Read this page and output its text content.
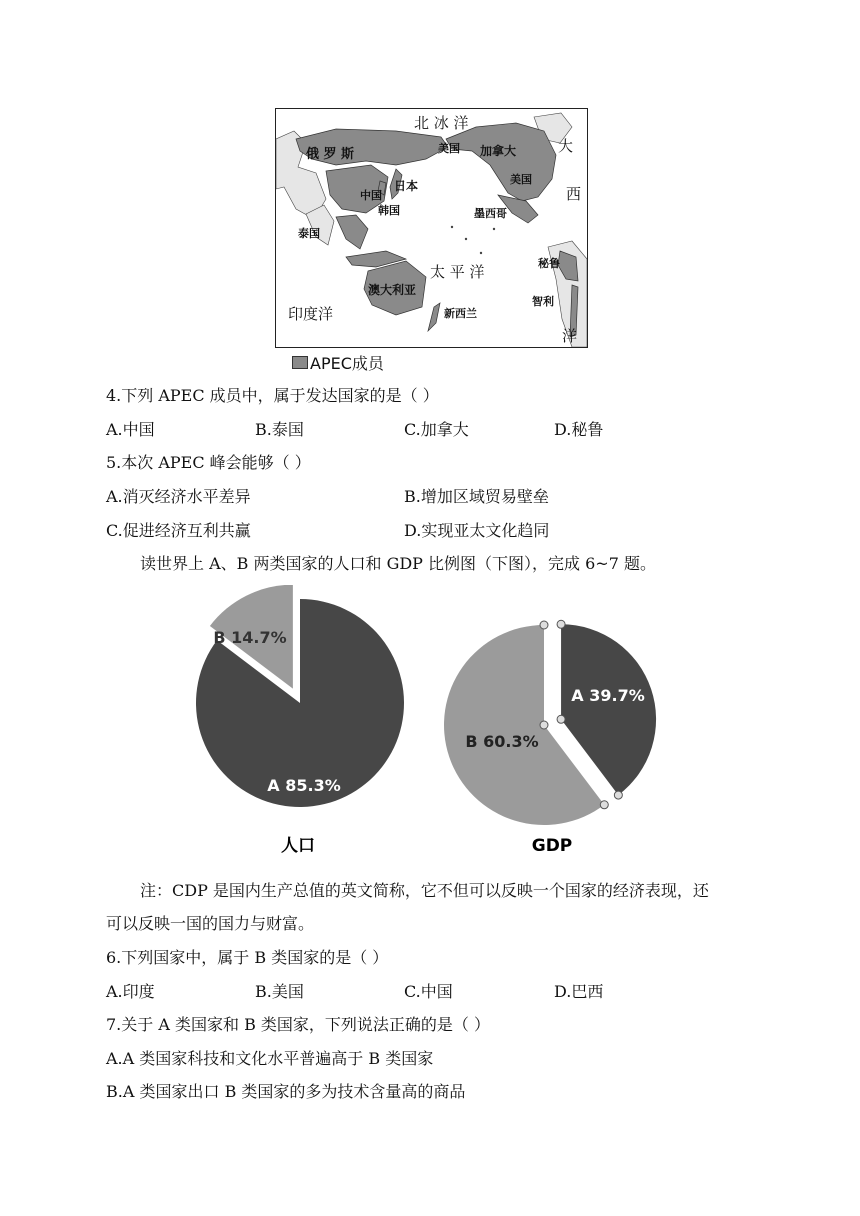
北 冰 洋
俄 罗 斯	美国 加拿大	大
美国
西
中国
日本
韩国	墨西哥
泰国
秘鲁
太 平 洋
澳大利亚
智利
印度洋	新西兰
洋
APEC成员
4.下列 APEC 成员中，属于发达国家的是（ ）
A.中国	B.泰国	C.加拿大	D.秘鲁
5.本次 APEC 峰会能够（ ）
A.消灭经济水平差异	B.增加区域贸易壁垒
C.促进经济互利共赢	D.实现亚太文化趋同
读世界上 A、B 两类国家的人口和 GDP 比例图（下图），完成 6~7 题。
A 85.3%
B 14.7%
A 39.7%
B 60.3%
人口	GDP
注：CDP 是国内生产总值的英文简称，它不但可以反映一个国家的经济表现，还
可以反映一国的国力与财富。
6.下列国家中，属于 B 类国家的是（ ）
A.印度	B.美国	C.中国	D.巴西
7.关于 A 类国家和 B 类国家，下列说法正确的是（ ）
A.A 类国家科技和文化水平普遍高于 B 类国家
B.A 类国家出口 B 类国家的多为技术含量高的商品
